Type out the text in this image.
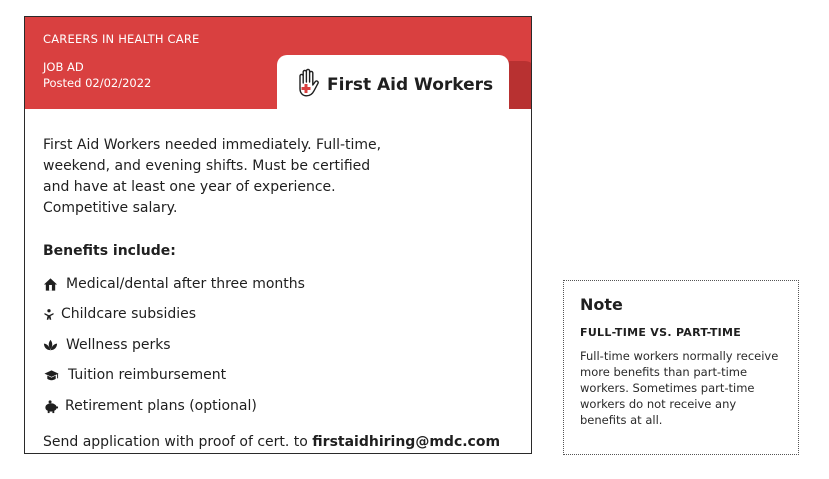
CAREERS IN HEALTH CARE
JOB AD
Posted 02/02/2022	First Aid Workers

First Aid Workers needed immediately. Full-time, weekend, and evening shifts. Must be certified and have at least one year of experience. Competitive salary.

Benefits include:

Medical/dental after three months
Childcare subsidies
Wellness perks
Tuition reimbursement
Retirement plans (optional)

Send application with proof of cert. to firstaidhiring@mdc.com

Note

FULL-TIME VS. PART-TIME

Full-time workers normally receive more benefits than part-time workers. Sometimes part-time workers do not receive any benefits at all.
